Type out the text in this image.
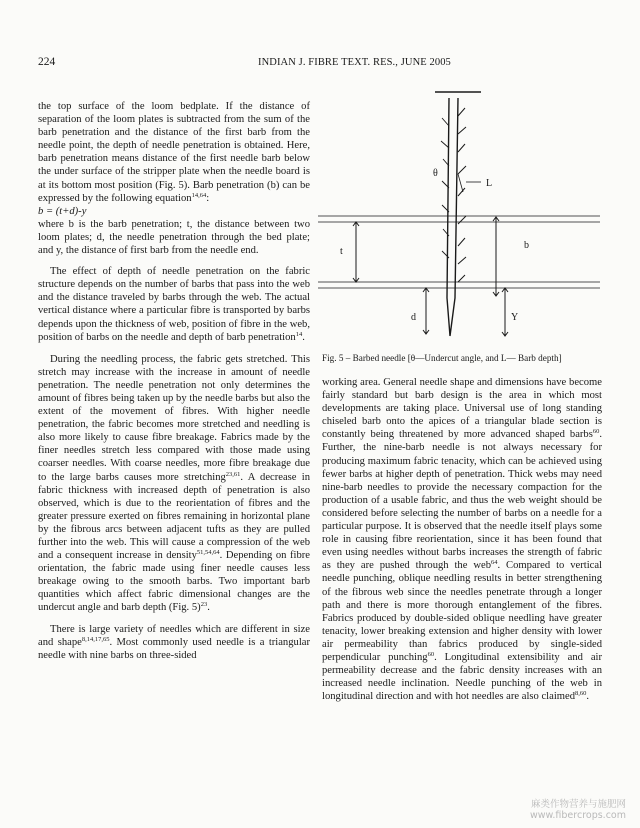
224	INDIAN J. FIBRE TEXT. RES., JUNE 2005

the top surface of the loom bedplate. If the distance of separation of the loom plates is subtracted from the sum of the barb penetration and the distance of the first barb from the needle point, the depth of needle penetration is obtained. Here, barb penetration means distance of the first needle barb below the under surface of the stripper plate when the needle board is at its bottom most position (Fig. 5). Barb penetration (b) can be expressed by the following equation$^{14,64}$:

b = (t+d)-y

where b is the barb penetration; t, the distance between two loom plates; d, the needle penetration through the bed plate; and y, the distance of first barb from the needle end.

The effect of depth of needle penetration on the fabric structure depends on the number of barbs that pass into the web and the distance traveled by barbs through the web. The actual vertical distance where a particular fibre is transported by barbs depends upon the thickness of web, position of fibre in the web, position of barbs on the needle and depth of barb penetration$^{14}$.

During the needling process, the fabric gets stretched. This stretch may increase with the increase in amount of needle penetration. The needle penetration not only determines the amount of fibres being taken up by the needle barbs but also the extent of the movement of fibres. With higher needle penetration, the fabric becomes more stretched and needling is also more likely to cause fibre breakage. Fabrics made by the finer needles stretch less compared with those made using coarser needles. With coarse needles, more fibre breakage due to the large barbs causes more stretching$^{23,61}$. A decrease in fabric thickness with increased depth of penetration is also observed, which is due to the reorientation of fibres and the greater pressure exerted on fibres remaining in horizontal plane by the fibrous arcs between adjacent tufts as they are pulled further into the web. This will cause a compression of the web and a consequent increase in density$^{51,54,64}$. Depending on fibre orientation, the fabric made using finer needle causes less breakage owing to the smooth barbs. Two important barb quantities which affect fabric dimensional changes are the undercut angle and barb depth (Fig. 5)$^{23}$.

There is large variety of needles which are different in size and shape$^{8,14,17,65}$. Most commonly used needle is a triangular needle with nine barbs on three-sided

θ
L
t
b
d	Y
Fig. 5 – Barbed needle [θ—Undercut angle, and L— Barb depth]

working area. General needle shape and dimensions have become fairly standard but barb design is the area in which most developments are taking place. Universal use of long standing chiseled barb onto the apices of a triangular blade section is constantly being threatened by more advanced shaped barbs$^{60}$. Further, the nine-barb needle is not always necessary for producing maximum fabric tenacity, which can be achieved using fewer barbs at higher depth of penetration. Thick webs may need nine-barb needles to provide the necessary compaction for the production of a usable fabric, and thus the web weight should be considered before selecting the number of barbs on a needle for a particular purpose. It is observed that the needle itself plays some role in causing fibre reorientation, since it has been found that even using needles without barbs increases the strength of fabric as they are pushed through the web$^{64}$. Compared to vertical needle punching, oblique needling results in better strengthening of the fibrous web since the needles penetrate through a longer path and there is more thorough entanglement of the fibres. Fabrics produced by double-sided oblique needling have greater tenacity, lower breaking extension and higher density with lower air permeability than fabrics produced by single-sided perpendicular punching$^{60}$. Longitudinal extensibility and air permeability decrease and the fabric density increases with an increased needle inclination. Needle punching of the web in longitudinal direction and with hot needles are also claimed$^{8,60}$.

麻类作物营养与施肥网
www.fibercrops.com
